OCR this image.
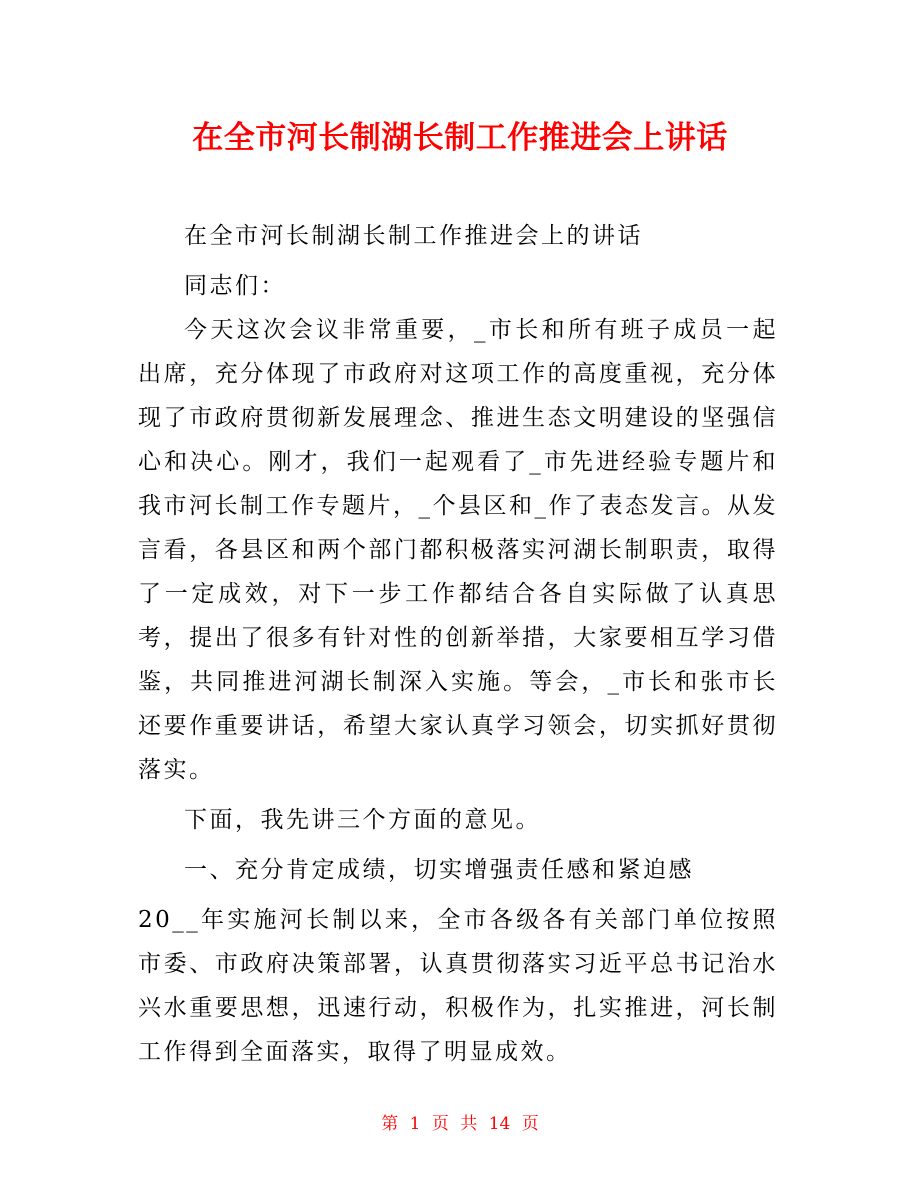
在全市河长制湖长制工作推进会上讲话

在全市河长制湖长制工作推进会上的讲话

同志们：

今天这次会议非常重要，_市长和所有班子成员一起出席，充分体现了市政府对这项工作的高度重视，充分体现了市政府贯彻新发展理念、推进生态文明建设的坚强信心和决心。刚才，我们一起观看了_市先进经验专题片和我市河长制工作专题片，_个县区和_作了表态发言。从发言看，各县区和两个部门都积极落实河湖长制职责，取得了一定成效，对下一步工作都结合各自实际做了认真思考，提出了很多有针对性的创新举措，大家要相互学习借鉴，共同推进河湖长制深入实施。等会，_市长和张市长还要作重要讲话，希望大家认真学习领会，切实抓好贯彻落实。

下面，我先讲三个方面的意见。

一、充分肯定成绩，切实增强责任感和紧迫感

20__年实施河长制以来，全市各级各有关部门单位按照市委、市政府决策部署，认真贯彻落实习近平总书记治水兴水重要思想，迅速行动，积极作为，扎实推进，河长制工作得到全面落实，取得了明显成效。

第 1 页 共 14 页
